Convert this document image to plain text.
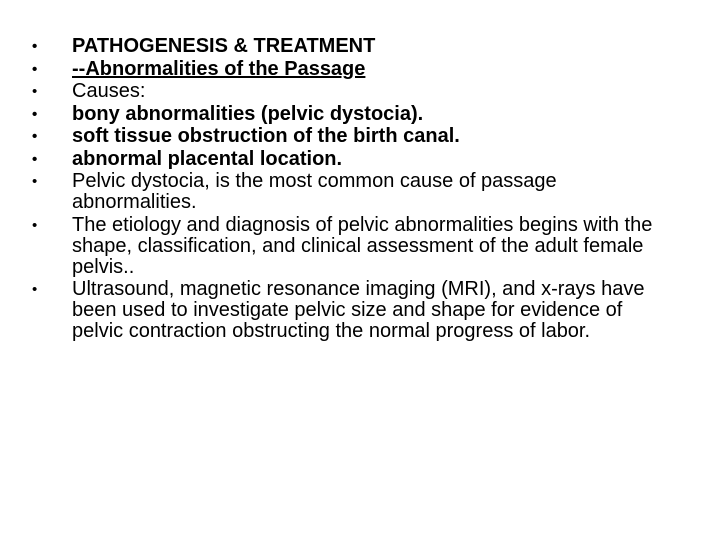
•	PATHOGENESIS & TREATMENT
•	--Abnormalities of the Passage
•	Causes:
•	bony abnormalities (pelvic dystocia).
•	soft tissue obstruction of the birth canal.
•	abnormal placental location.
•	Pelvic dystocia, is the most common cause of passage abnormalities.
•	The etiology and diagnosis of pelvic abnormalities begins with the shape, classification, and clinical assessment of the adult female pelvis..
•	Ultrasound, magnetic resonance imaging (MRI), and x-rays have been used to investigate pelvic size and shape for evidence of pelvic contraction obstructing the normal progress of labor.
